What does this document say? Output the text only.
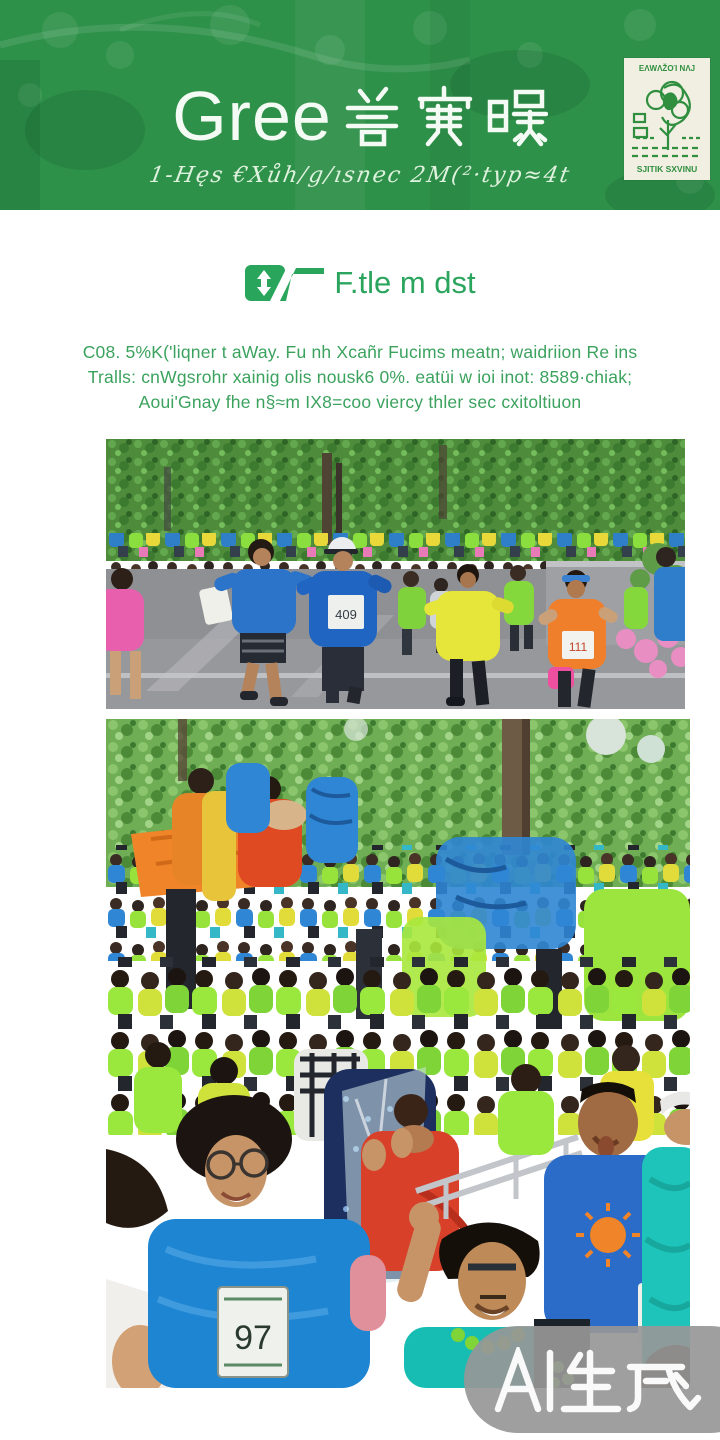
Gree
1-Hęs €Xůh/g/ısnec 2M(²·typ≈4t
ΕΛWΛŽΟΊ ΝΛJ
SJITIK SXVINU
F.tle m dst
C08. 5%K('liqner t aWay. Fu nh Xcañr Fucims meatn; waidriion Re ins
Tralls: cnWgsrohr xainig olis nousk6 0%. eatüi w ioi inot: 8589·chiak;
Aoui'Gnay fhe n§≈m IX8=coo viercy thler sec cxitoltiuon
409
111
97
